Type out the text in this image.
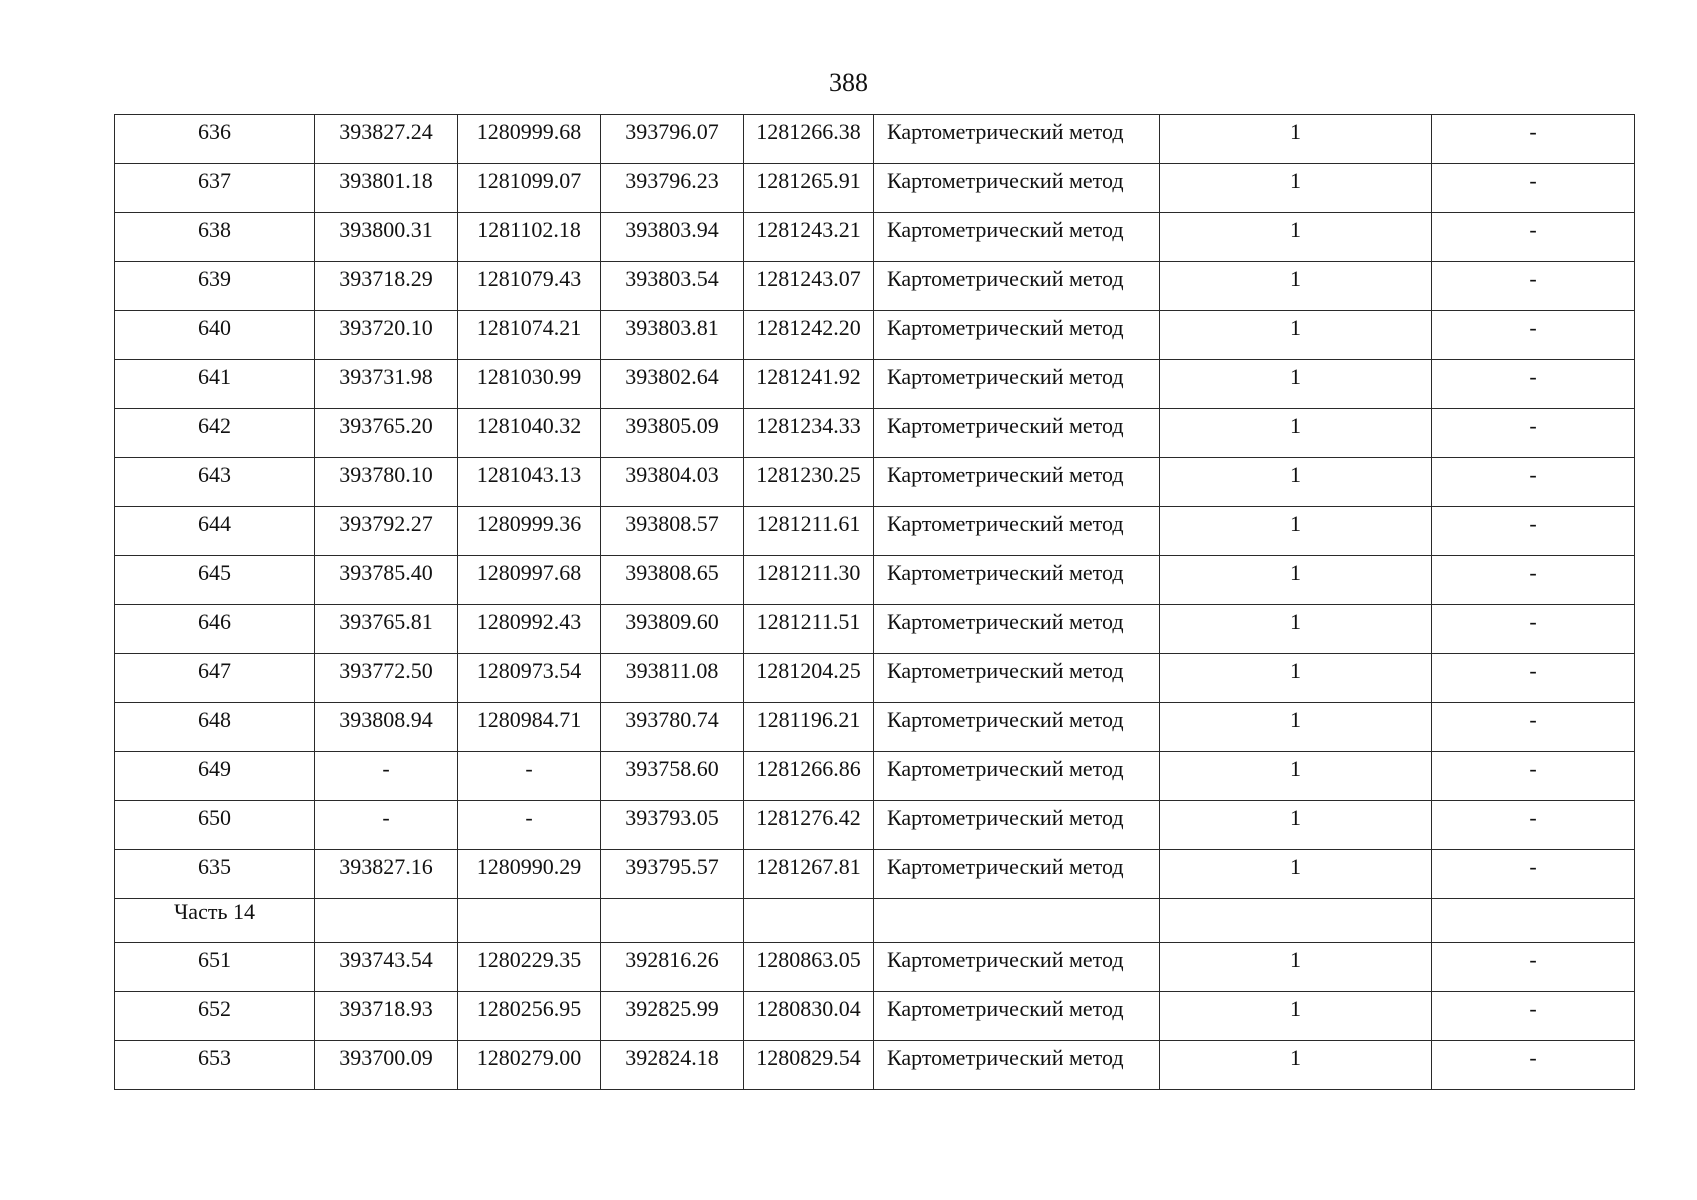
388
636	393827.24	1280999.68	393796.07	1281266.38	Картометрический метод	1	-
637	393801.18	1281099.07	393796.23	1281265.91	Картометрический метод	1	-
638	393800.31	1281102.18	393803.94	1281243.21	Картометрический метод	1	-
639	393718.29	1281079.43	393803.54	1281243.07	Картометрический метод	1	-
640	393720.10	1281074.21	393803.81	1281242.20	Картометрический метод	1	-
641	393731.98	1281030.99	393802.64	1281241.92	Картометрический метод	1	-
642	393765.20	1281040.32	393805.09	1281234.33	Картометрический метод	1	-
643	393780.10	1281043.13	393804.03	1281230.25	Картометрический метод	1	-
644	393792.27	1280999.36	393808.57	1281211.61	Картометрический метод	1	-
645	393785.40	1280997.68	393808.65	1281211.30	Картометрический метод	1	-
646	393765.81	1280992.43	393809.60	1281211.51	Картометрический метод	1	-
647	393772.50	1280973.54	393811.08	1281204.25	Картометрический метод	1	-
648	393808.94	1280984.71	393780.74	1281196.21	Картометрический метод	1	-
649	-	-	393758.60	1281266.86	Картометрический метод	1	-
650	-	-	393793.05	1281276.42	Картометрический метод	1	-
635	393827.16	1280990.29	393795.57	1281267.81	Картометрический метод	1	-
Часть 14							
651	393743.54	1280229.35	392816.26	1280863.05	Картометрический метод	1	-
652	393718.93	1280256.95	392825.99	1280830.04	Картометрический метод	1	-
653	393700.09	1280279.00	392824.18	1280829.54	Картометрический метод	1	-
